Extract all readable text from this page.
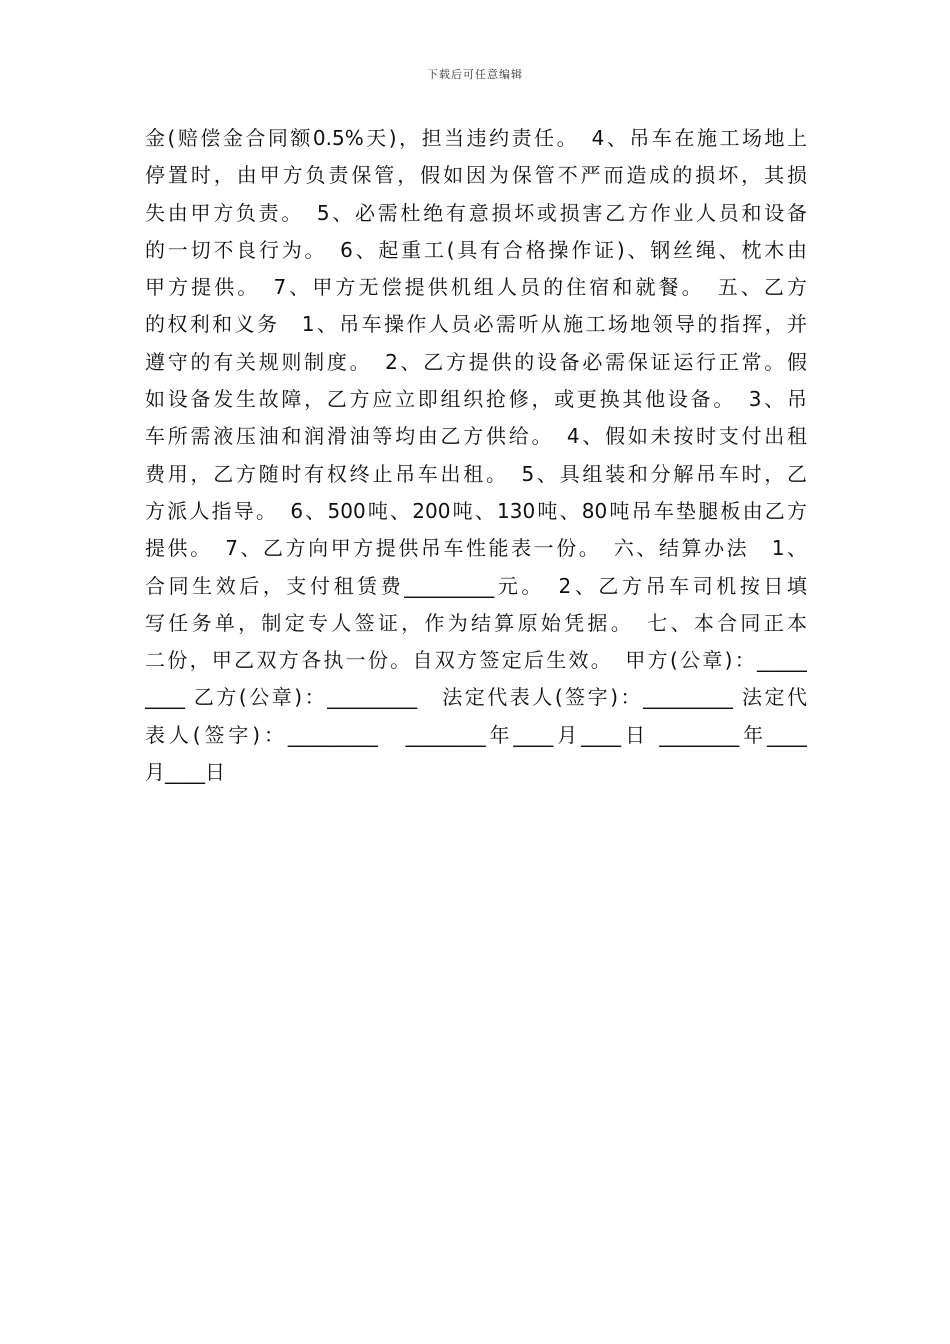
下载后可任意编辑
金(赔偿金合同额0.5%天)，担当违约责任。　4、吊车在施工场地上
停置时，由甲方负责保管，假如因为保管不严而造成的损坏，其损
失由甲方负责。　5、必需杜绝有意损坏或损害乙方作业人员和设备
的一切不良行为。　6、起重工(具有合格操作证)、钢丝绳、枕木由
甲方提供。　7、甲方无偿提供机组人员的住宿和就餐。　五、乙方
的权利和义务　1、吊车操作人员必需听从施工场地领导的指挥，并
遵守的有关规则制度。　2、乙方提供的设备必需保证运行正常。假
如设备发生故障，乙方应立即组织抢修，或更换其他设备。　3、吊
车所需液压油和润滑油等均由乙方供给。　4、假如未按时支付出租
费用，乙方随时有权终止吊车出租。　5、具组装和分解吊车时，乙
方派人指导。　6、500吨、200吨、130吨、80吨吊车垫腿板由乙方
提供。　7、乙方向甲方提供吊车性能表一份。　六、结算办法　1、
合同生效后，支付租赁费_________元。　2、乙方吊车司机按日填
写任务单，制定专人签证，作为结算原始凭据。　七、本合同正本
二份，甲乙双方各执一份。自双方签定后生效。　甲方(公章)：_____
____ 乙方(公章)：_________　法定代表人(签字)：_________ 法定代
表人(签字)：_________　________年____月____日 ________年____
月____日
